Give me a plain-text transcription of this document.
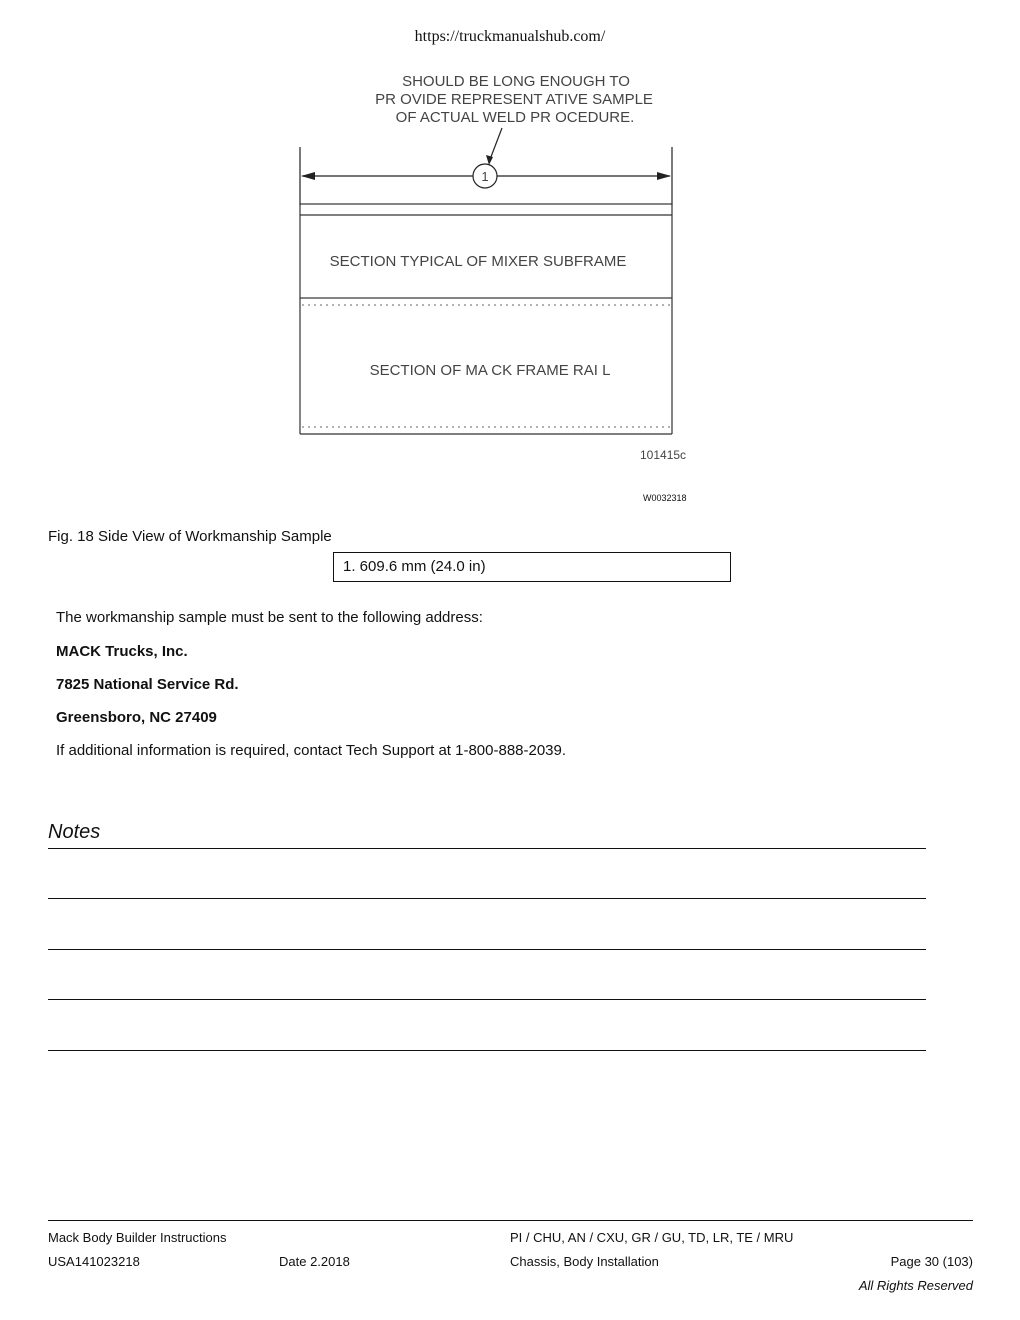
https://truckmanualshub.com/
SHOULD BE LONG ENOUGH TO
PR OVIDE REPRESENT ATIVE SAMPLE
OF ACTUAL WELD PR OCEDURE.
1
SECTION TYPICAL OF MIXER SUBFRAME
SECTION OF MA CK FRAME RAI L
101415c
W0032318
Fig. 18 Side View of Workmanship Sample
1. 609.6 mm (24.0 in)
The workmanship sample must be sent to the following address:
MACK Trucks, Inc.
7825 National Service Rd.
Greensboro, NC 27409
If additional information is required, contact Tech Support at 1-800-888-2039.
Notes
Mack Body Builder Instructions	PI / CHU, AN / CXU, GR / GU, TD, LR, TE / MRU
USA141023218	Date 2.2018	Chassis, Body Installation	Page 30 (103)
All Rights Reserved
